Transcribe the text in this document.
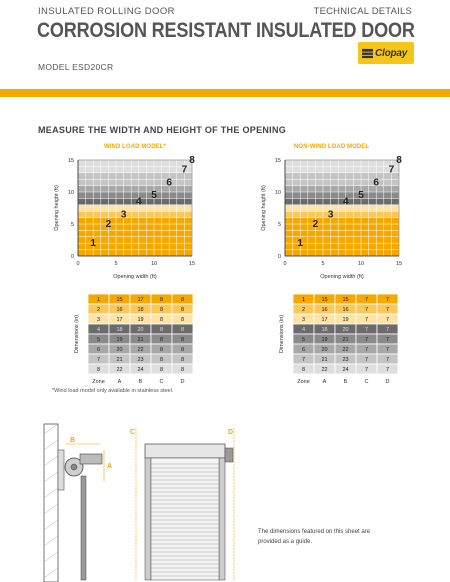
INSULATED ROLLING DOOR	TECHNICAL DETAILS
CORROSION RESISTANT INSULATED DOOR
MODEL ESD20CR
Clopay
MEASURE THE WIDTH AND HEIGHT OF THE OPENING
WIND LOAD MODEL*	NON-WIND LOAD MODEL
0	5	10	15
0
5
10
15
Opening width (ft)
Opening height (ft)
1
2
3
4
5
6
7
8
0	5	10	15
0
5
10
15
Opening width (ft)
Opening height (ft)
1
2
3
4
5
6
7
8
1	15	17	8	8
2	16	18	8	8
3	17	19	8	8
4	18	20	8	8
5	19	21	8	8
6	20	22	8	8
7	21	23	8	8
8	22	24	8	8
Zone A	B	C	D
Dimensions (in)
1	15	15	7	7
2	16	16	7	7
3	17	19	7	7
4	18	20	7	7
5	19	21	7	7
6	20	22	7	7
7	21	23	7	7
8	22	24	7	7
Zone A	B	C	D
Dimensions (in)
*Wind load model only available in stainless steel.
B
A
C	D
The dimensions featured on this sheet are provided as a guide.
